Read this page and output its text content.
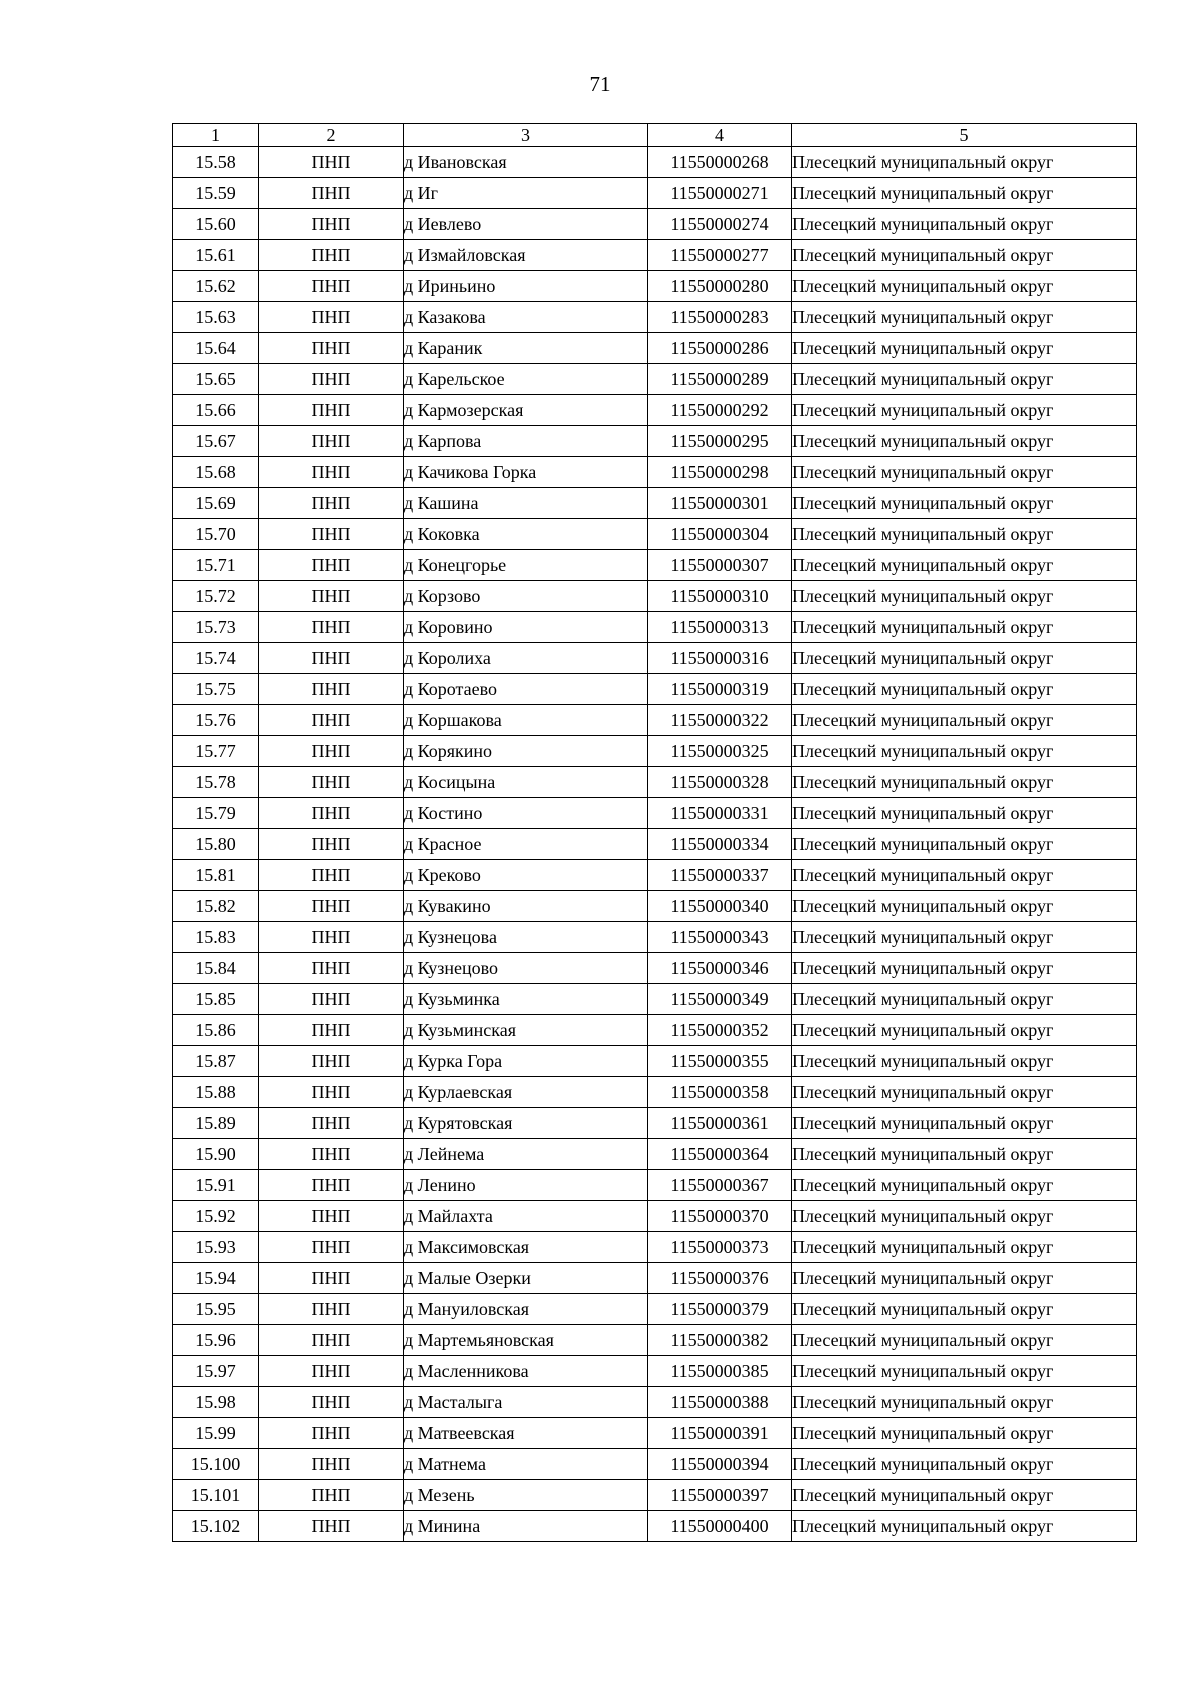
71
1	2	3	4	5
15.58	ПНП	д Ивановская	11550000268	Плесецкий муниципальный округ
15.59	ПНП	д Иг	11550000271	Плесецкий муниципальный округ
15.60	ПНП	д Иевлево	11550000274	Плесецкий муниципальный округ
15.61	ПНП	д Измайловская	11550000277	Плесецкий муниципальный округ
15.62	ПНП	д Ириньино	11550000280	Плесецкий муниципальный округ
15.63	ПНП	д Казакова	11550000283	Плесецкий муниципальный округ
15.64	ПНП	д Караник	11550000286	Плесецкий муниципальный округ
15.65	ПНП	д Карельское	11550000289	Плесецкий муниципальный округ
15.66	ПНП	д Кармозерская	11550000292	Плесецкий муниципальный округ
15.67	ПНП	д Карпова	11550000295	Плесецкий муниципальный округ
15.68	ПНП	д Качикова Горка	11550000298	Плесецкий муниципальный округ
15.69	ПНП	д Кашина	11550000301	Плесецкий муниципальный округ
15.70	ПНП	д Коковка	11550000304	Плесецкий муниципальный округ
15.71	ПНП	д Конецгорье	11550000307	Плесецкий муниципальный округ
15.72	ПНП	д Корзово	11550000310	Плесецкий муниципальный округ
15.73	ПНП	д Коровино	11550000313	Плесецкий муниципальный округ
15.74	ПНП	д Королиха	11550000316	Плесецкий муниципальный округ
15.75	ПНП	д Коротаево	11550000319	Плесецкий муниципальный округ
15.76	ПНП	д Коршакова	11550000322	Плесецкий муниципальный округ
15.77	ПНП	д Корякино	11550000325	Плесецкий муниципальный округ
15.78	ПНП	д Косицына	11550000328	Плесецкий муниципальный округ
15.79	ПНП	д Костино	11550000331	Плесецкий муниципальный округ
15.80	ПНП	д Красное	11550000334	Плесецкий муниципальный округ
15.81	ПНП	д Креково	11550000337	Плесецкий муниципальный округ
15.82	ПНП	д Кувакино	11550000340	Плесецкий муниципальный округ
15.83	ПНП	д Кузнецова	11550000343	Плесецкий муниципальный округ
15.84	ПНП	д Кузнецово	11550000346	Плесецкий муниципальный округ
15.85	ПНП	д Кузьминка	11550000349	Плесецкий муниципальный округ
15.86	ПНП	д Кузьминская	11550000352	Плесецкий муниципальный округ
15.87	ПНП	д Курка Гора	11550000355	Плесецкий муниципальный округ
15.88	ПНП	д Курлаевская	11550000358	Плесецкий муниципальный округ
15.89	ПНП	д Курятовская	11550000361	Плесецкий муниципальный округ
15.90	ПНП	д Лейнема	11550000364	Плесецкий муниципальный округ
15.91	ПНП	д Ленино	11550000367	Плесецкий муниципальный округ
15.92	ПНП	д Майлахта	11550000370	Плесецкий муниципальный округ
15.93	ПНП	д Максимовская	11550000373	Плесецкий муниципальный округ
15.94	ПНП	д Малые Озерки	11550000376	Плесецкий муниципальный округ
15.95	ПНП	д Мануиловская	11550000379	Плесецкий муниципальный округ
15.96	ПНП	д Мартемьяновская	11550000382	Плесецкий муниципальный округ
15.97	ПНП	д Масленникова	11550000385	Плесецкий муниципальный округ
15.98	ПНП	д Масталыга	11550000388	Плесецкий муниципальный округ
15.99	ПНП	д Матвеевская	11550000391	Плесецкий муниципальный округ
15.100	ПНП	д Матнема	11550000394	Плесецкий муниципальный округ
15.101	ПНП	д Мезень	11550000397	Плесецкий муниципальный округ
15.102	ПНП	д Минина	11550000400	Плесецкий муниципальный округ
